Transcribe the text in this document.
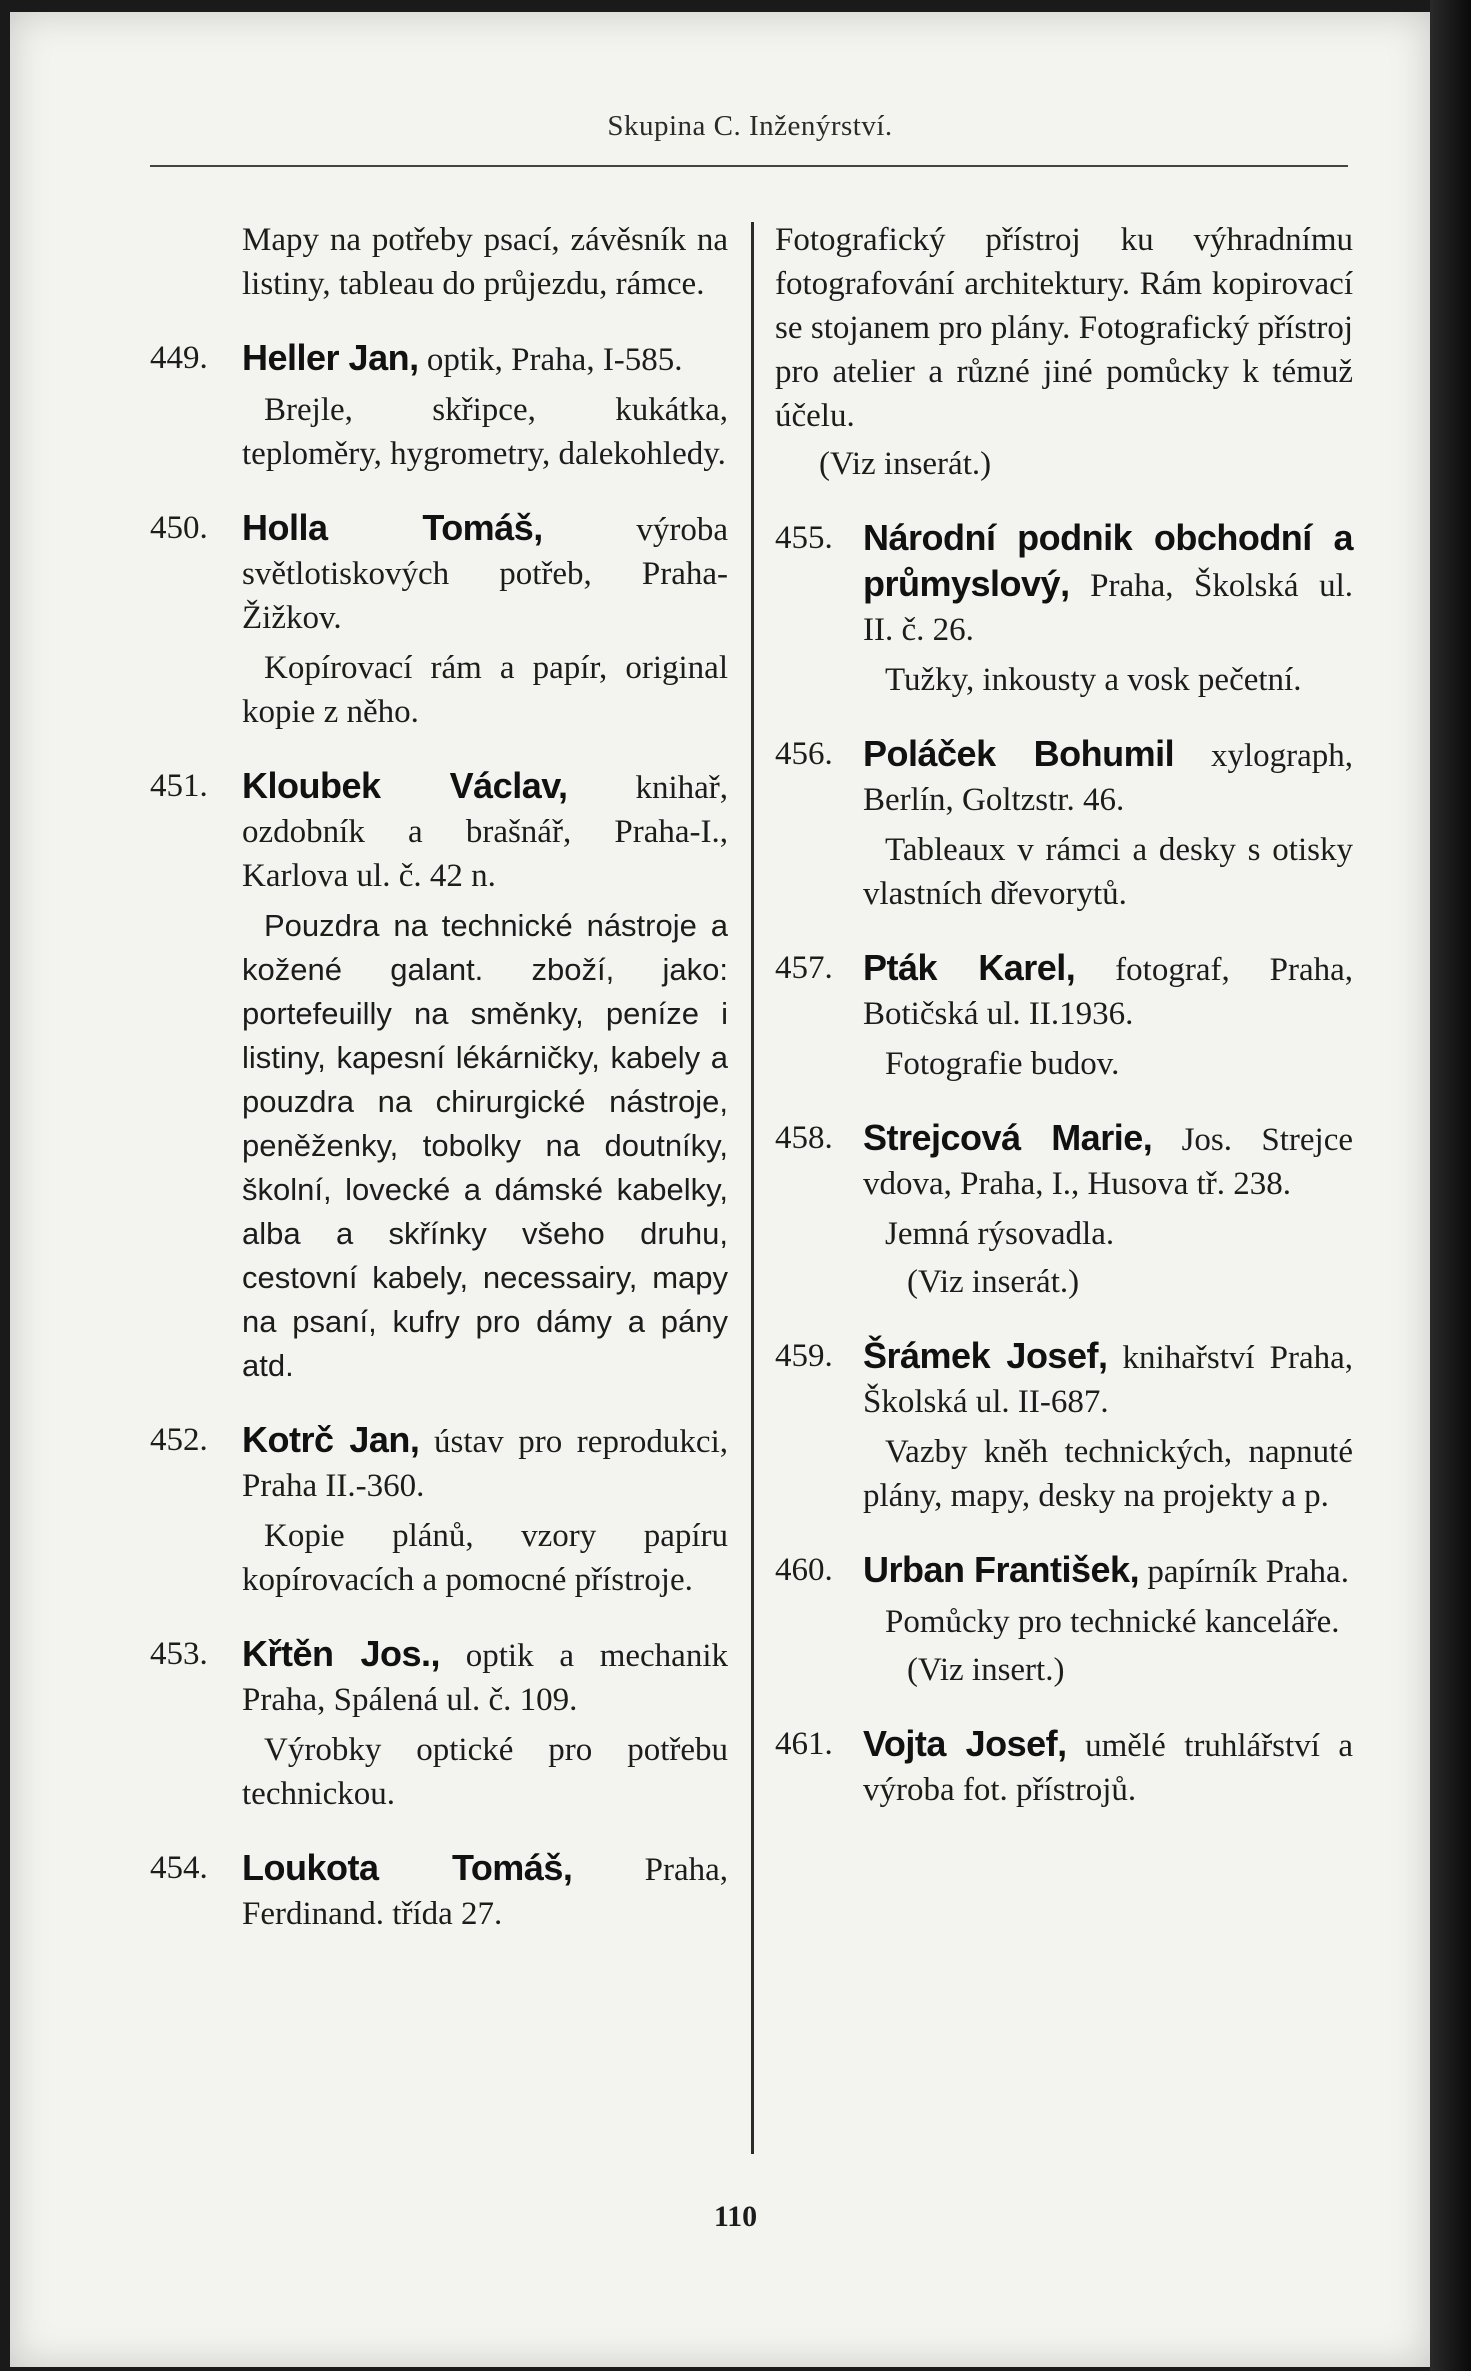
Skupina C. Inženýrství.
Mapy na potřeby psací, závěsník na listiny, tableau do průjezdu, rámce.
449. Heller Jan, optik, Praha, I-585.
Brejle, skřipce, kukátka, teploměry, hygrometry, dalekohledy.
450. Holla Tomáš,	výroba světlotiskových potřeb, Praha-Žižkov.
Kopírovací rám a papír, original kopie z něho.
451. Kloubek Václav, knihař, ozdobník a brašnář, Praha-I., Karlova ul. č. 42 n.
Pouzdra na technické nástroje a kožené galant. zboží, jako: portefeuilly na směnky, peníze i listiny, kapesní lékárničky, kabely a pouzdra na chirurgické nástroje, peněženky, tobolky na doutníky, školní, lovecké a dámské kabelky, alba a skřínky všeho druhu, cestovní kabely, necessairy, mapy na psaní, kufry pro dámy a pány atd.
452. Kotrč Jan, ústav pro reprodukci, Praha II.-360.
Kopie plánů, vzory papíru kopírovacích a pomocné přístroje.
453. Křtěn Jos., optik a mechanik Praha, Spálená ul. č. 109.
Výrobky optické pro potřebu technickou.
454. Loukota Tomáš, Praha, Ferdinand. třída 27.
Fotografický přístroj ku výhradnímu fotografování architektury. Rám kopirovací se stojanem pro plány. Fotografický přístroj pro atelier a různé jiné pomůcky k témuž účelu.
(Viz inserát.)
455. Národní podnik obchodní a průmyslový, Praha, Školská ul. II. č. 26.
Tužky, inkousty a vosk pečetní.
456. Poláček Bohumil xylograph, Berlín, Goltzstr. 46.
Tableaux v rámci a desky s otisky vlastních dřevorytů.
457. Pták Karel, fotograf, Praha, Botičská ul. II.1936.
Fotografie budov.
458. Strejcová Marie, Jos. Strejce vdova, Praha, I., Husova tř. 238.
Jemná rýsovadla.
(Viz inserát.)
459. Šrámek Josef, knihařství Praha, Školská ul. II-687.
Vazby kněh technických, napnuté plány, mapy, desky na projekty a p.
460. Urban František, papírník Praha.
Pomůcky pro technické kanceláře.
(Viz insert.)
461. Vojta Josef, umělé truhlářství a výroba fot. přístrojů.
110
